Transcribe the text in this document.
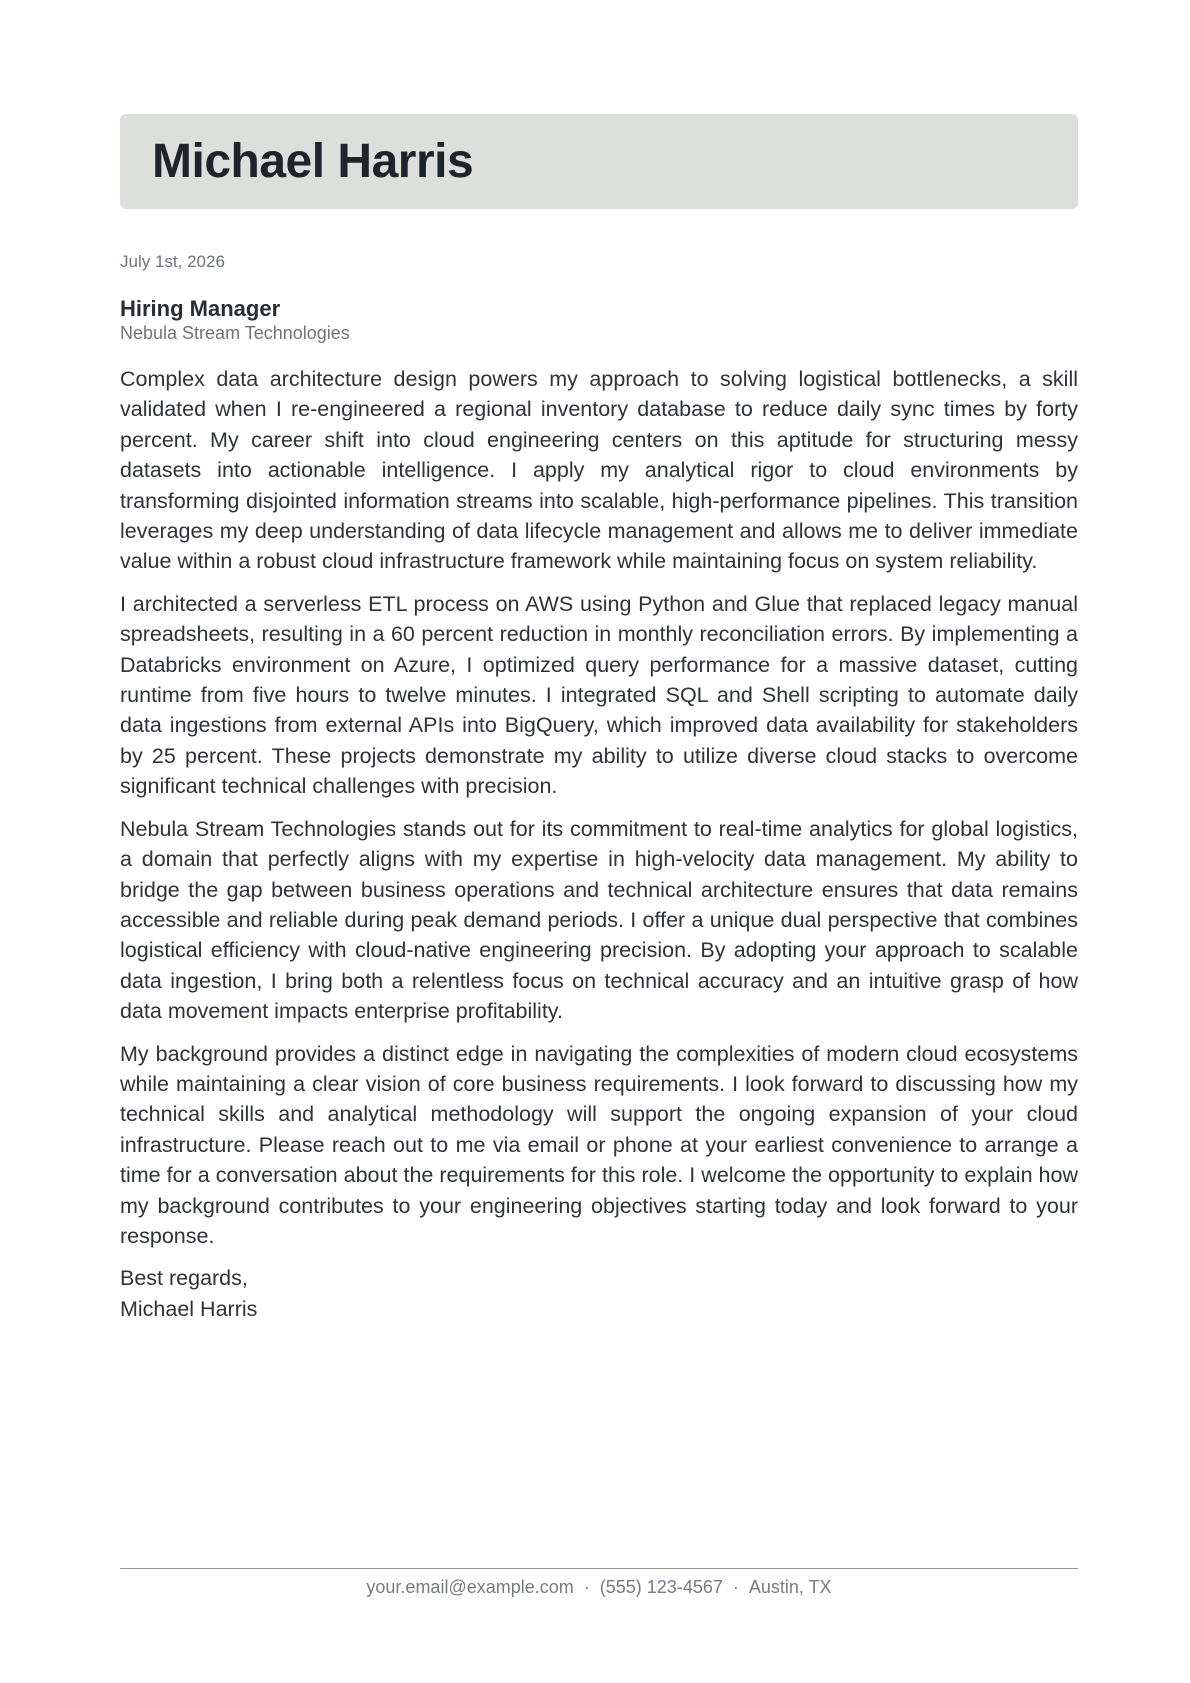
Michael Harris
July 1st, 2026
Hiring Manager
Nebula Stream Technologies

Complex data architecture design powers my approach to solving logistical bottlenecks, a skill validated when I re-engineered a regional inventory database to reduce daily sync times by forty percent. My career shift into cloud engineering centers on this aptitude for structuring messy datasets into actionable intelligence. I apply my analytical rigor to cloud environments by transforming disjointed information streams into scalable, high-performance pipelines. This transition leverages my deep understanding of data lifecycle management and allows me to deliver immediate value within a robust cloud infrastructure framework while maintaining focus on system reliability.

I architected a serverless ETL process on AWS using Python and Glue that replaced legacy manual spreadsheets, resulting in a 60 percent reduction in monthly reconciliation errors. By implementing a Databricks environment on Azure, I optimized query performance for a massive dataset, cutting runtime from five hours to twelve minutes. I integrated SQL and Shell scripting to automate daily data ingestions from external APIs into BigQuery, which improved data availability for stakeholders by 25 percent. These projects demonstrate my ability to utilize diverse cloud stacks to overcome significant technical challenges with precision.

Nebula Stream Technologies stands out for its commitment to real-time analytics for global logistics, a domain that perfectly aligns with my expertise in high-velocity data management. My ability to bridge the gap between business operations and technical architecture ensures that data remains accessible and reliable during peak demand periods. I offer a unique dual perspective that combines logistical efficiency with cloud-native engineering precision. By adopting your approach to scalable data ingestion, I bring both a relentless focus on technical accuracy and an intuitive grasp of how data movement impacts enterprise profitability.

My background provides a distinct edge in navigating the complexities of modern cloud ecosystems while maintaining a clear vision of core business requirements. I look forward to discussing how my technical skills and analytical methodology will support the ongoing expansion of your cloud infrastructure. Please reach out to me via email or phone at your earliest convenience to arrange a time for a conversation about the requirements for this role. I welcome the opportunity to explain how my background contributes to your engineering objectives starting today and look forward to your response.

Best regards,
Michael Harris
your.email@example.com · (555) 123-4567 · Austin, TX
